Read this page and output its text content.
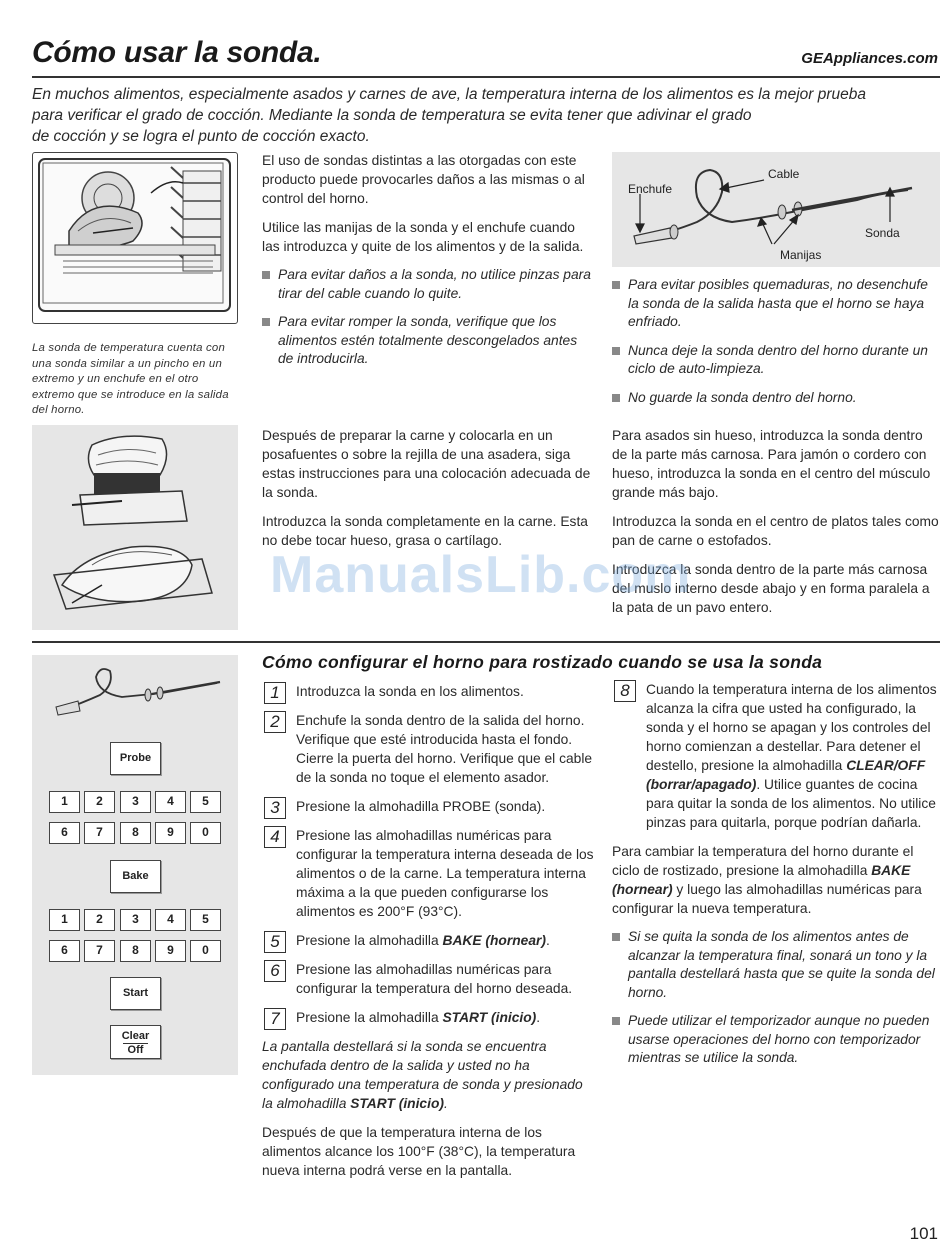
Cómo usar la sonda.	GEAppliances.com

En muchos alimentos, especialmente asados y carnes de ave, la temperatura interna de los alimentos es la mejor prueba

para verificar el grado de cocción. Mediante la sonda de temperatura se evita tener que adivinar el grado

de cocción y se logra el punto de cocción exacto.

La sonda de temperatura cuenta con una sonda similar a un pincho en un extremo y un enchufe en el otro extremo que se introduce en la salida del horno.
El uso de sondas distintas a las otorgadas con este producto puede provocarles daños a las mismas o al control del horno.
Utilice las manijas de la sonda y el enchufe cuando las introduzca y quite de los alimentos y de la salida.
Para evitar daños a la sonda, no utilice pinzas para tirar del cable cuando lo quite.
Para evitar romper la sonda, verifique que los alimentos estén totalmente descongelados antes de introducirla.
Enchufe
Cable
Sonda
Manijas
Para evitar posibles quemaduras, no desenchufe la sonda de la salida hasta que el horno se haya enfriado.
Nunca deje la sonda dentro del horno durante un ciclo de auto-limpieza.
No guarde la sonda dentro del horno.
Después de preparar la carne y colocarla en un posafuentes o sobre la rejilla de una asadera, siga estas instrucciones para una colocación adecuada de la sonda.
Introduzca la sonda completamente en la carne. Esta no debe tocar hueso, grasa o cartílago.
Para asados sin hueso, introduzca la sonda dentro de la parte más carnosa. Para jamón o cordero con hueso, introduzca la sonda en el centro del músculo grande más bajo.
Introduzca la sonda en el centro de platos tales como pan de carne o estofados.
Introduzca la sonda dentro de la parte más carnosa del muslo interno desde abajo y en forma paralela a la pata de un pavo entero.
ManualsLib.com
Probe
1	2	3	4	5
6	7	8	9	0
Bake
1	2	3	4	5
6	7	8	9	0
Start
Clear
Off
Cómo configurar el horno para rostizado cuando se usa la sonda
1	Introduzca la sonda en los alimentos.
2	Enchufe la sonda dentro de la salida del horno. Verifique que esté introducida hasta el fondo. Cierre la puerta del horno. Verifique que el cable de la sonda no toque el elemento asador.
3	Presione la almohadilla PROBE (sonda).
4	Presione las almohadillas numéricas para configurar la temperatura interna deseada de los alimentos o de la carne. La temperatura interna máxima a la que pueden configurarse los alimentos es 200°F (93°C).
5	Presione la almohadilla BAKE (hornear).
6	Presione las almohadillas numéricas para configurar la temperatura del horno deseada.
7	Presione la almohadilla START (inicio).
La pantalla destellará si la sonda se encuentra enchufada dentro de la salida y usted no ha configurado una temperatura de sonda y presionado la almohadilla START (inicio).
Después de que la temperatura interna de los alimentos alcance los 100°F (38°C), la temperatura nueva interna podrá verse en la pantalla.
8	Cuando la temperatura interna de los alimentos alcanza la cifra que usted ha configurado, la sonda y el horno se apagan y los controles del horno comienzan a destellar. Para detener el destello, presione la almohadilla CLEAR/OFF (borrar/apagado). Utilice guantes de cocina para quitar la sonda de los alimentos. No utilice pinzas para quitarla, porque podrían dañarla.
Para cambiar la temperatura del horno durante el ciclo de rostizado, presione la almohadilla BAKE (hornear) y luego las almohadillas numéricas para configurar la nueva temperatura.
Si se quita la sonda de los alimentos antes de alcanzar la temperatura final, sonará un tono y la pantalla destellará hasta que se quite la sonda del horno.
Puede utilizar el temporizador aunque no pueden usarse operaciones del horno con temporizador mientras se utilice la sonda.
101
